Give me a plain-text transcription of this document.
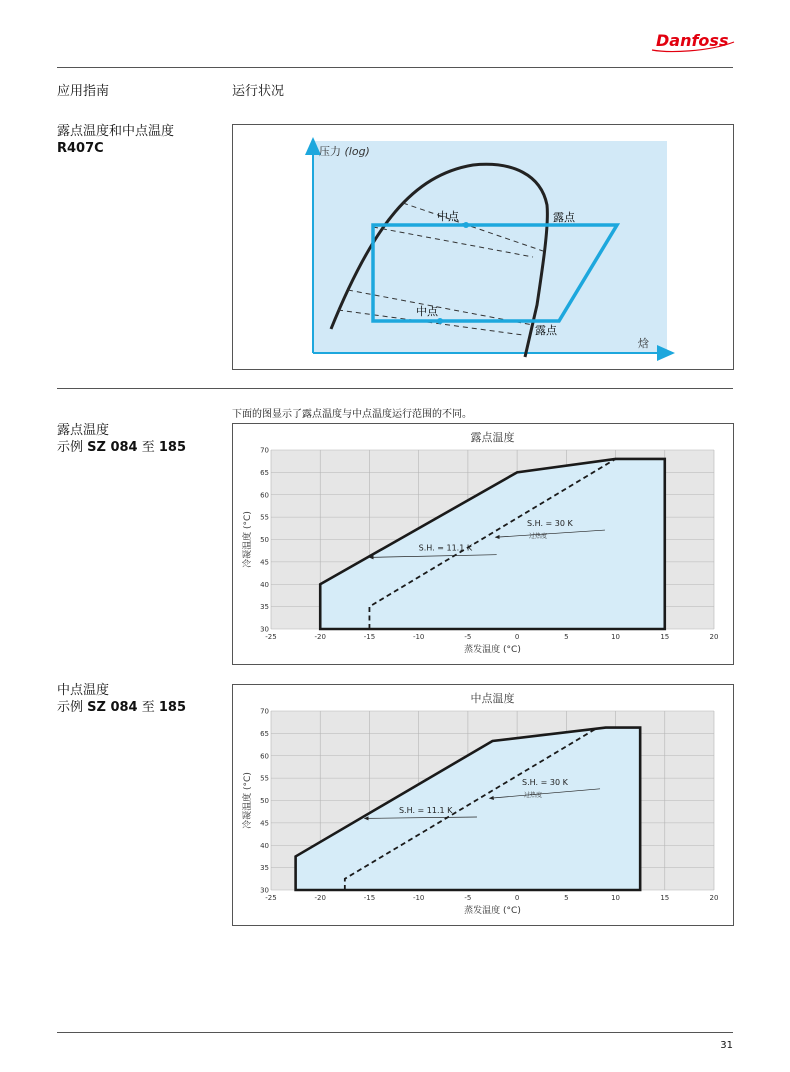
Danfoss
应用指南	运行状况
露点温度和中点温度
R407C	压力 (log)
焓
中点	露点
中点
露点
下面的图显示了露点温度与中点温度运行范围的不同。
露点温度
示例 SZ 084 至 185
-25	-20	-15	-10	-5	0	5	10	15	20
30
35
40
45
50
55
60
65
70
S.H. = 11.1 K
S.H. = 30 K
过热度
露点温度
蒸发温度 (°C)
冷凝温度 (°C)
中点温度
示例 SZ 084 至 185
-25	-20	-15	-10	-5	0	5	10	15	20
30
35
40
45
50
55
60
65
70
S.H. = 11.1 K
S.H. = 30 K
过热度
中点温度
蒸发温度 (°C)
冷凝温度 (°C)
31
